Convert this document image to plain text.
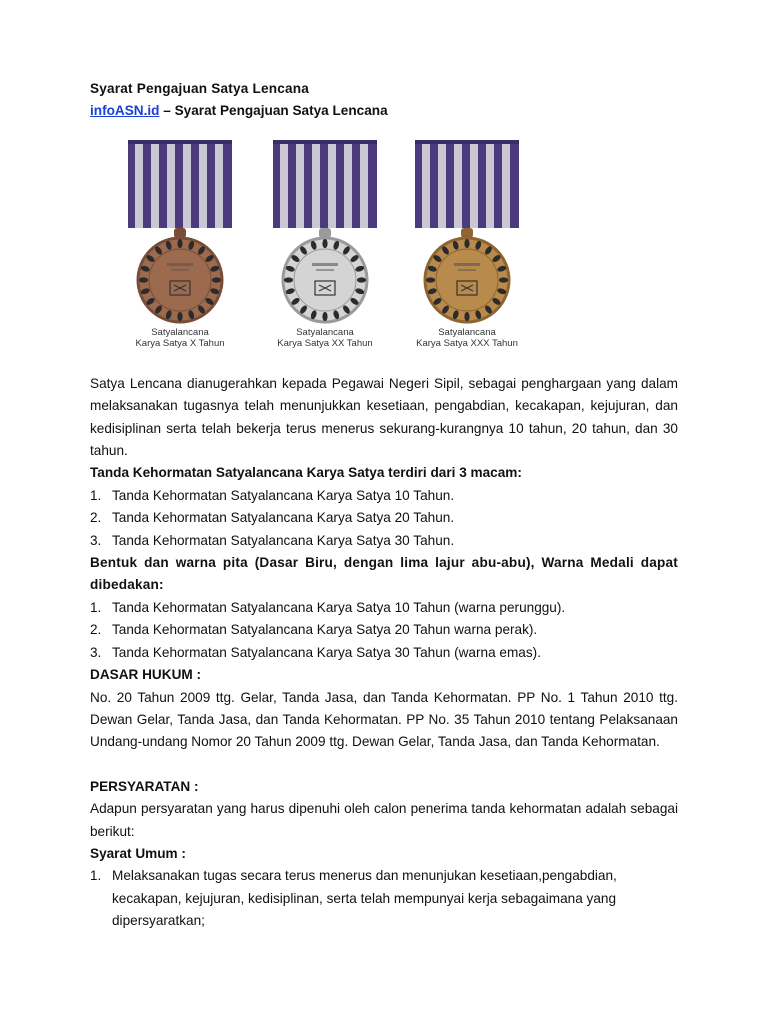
Syarat Pengajuan Satya Lencana
infoASN.id – Syarat Pengajuan Satya Lencana
Satyalancana
Karya Satya X Tahun
Satyalancana
Karya Satya XX Tahun
Satyalancana
Karya Satya XXX Tahun
Satya Lencana dianugerahkan kepada Pegawai Negeri Sipil, sebagai penghargaan yang dalam melaksanakan tugasnya telah menunjukkan kesetiaan, pengabdian, kecakapan, kejujuran, dan kedisiplinan serta telah bekerja terus menerus sekurang-kurangnya 10 tahun, 20 tahun, dan 30 tahun.
Tanda Kehormatan Satyalancana Karya Satya terdiri dari 3 macam:
1. Tanda Kehormatan Satyalancana Karya Satya 10 Tahun.
2. Tanda Kehormatan Satyalancana Karya Satya 20 Tahun.
3. Tanda Kehormatan Satyalancana Karya Satya 30 Tahun.
Bentuk dan warna pita (Dasar Biru, dengan lima lajur abu-abu), Warna Medali dapat dibedakan:
1. Tanda Kehormatan Satyalancana Karya Satya 10 Tahun (warna perunggu).
2. Tanda Kehormatan Satyalancana Karya Satya 20 Tahun warna perak).
3. Tanda Kehormatan Satyalancana Karya Satya 30 Tahun (warna emas).
DASAR HUKUM :
No. 20 Tahun 2009 ttg. Gelar, Tanda Jasa, dan Tanda Kehormatan. PP No. 1 Tahun 2010 ttg. Dewan Gelar, Tanda Jasa, dan Tanda Kehormatan. PP No. 35 Tahun 2010 tentang Pelaksanaan Undang-undang Nomor 20 Tahun 2009 ttg. Dewan Gelar, Tanda Jasa, dan Tanda Kehormatan.
PERSYARATAN :
Adapun persyaratan yang harus dipenuhi oleh calon penerima tanda kehormatan adalah sebagai berikut:
Syarat Umum :
1. Melaksanakan tugas secara terus menerus dan menunjukan kesetiaan,pengabdian, kecakapan, kejujuran, kedisiplinan, serta telah mempunyai kerja sebagaimana yang dipersyaratkan;
